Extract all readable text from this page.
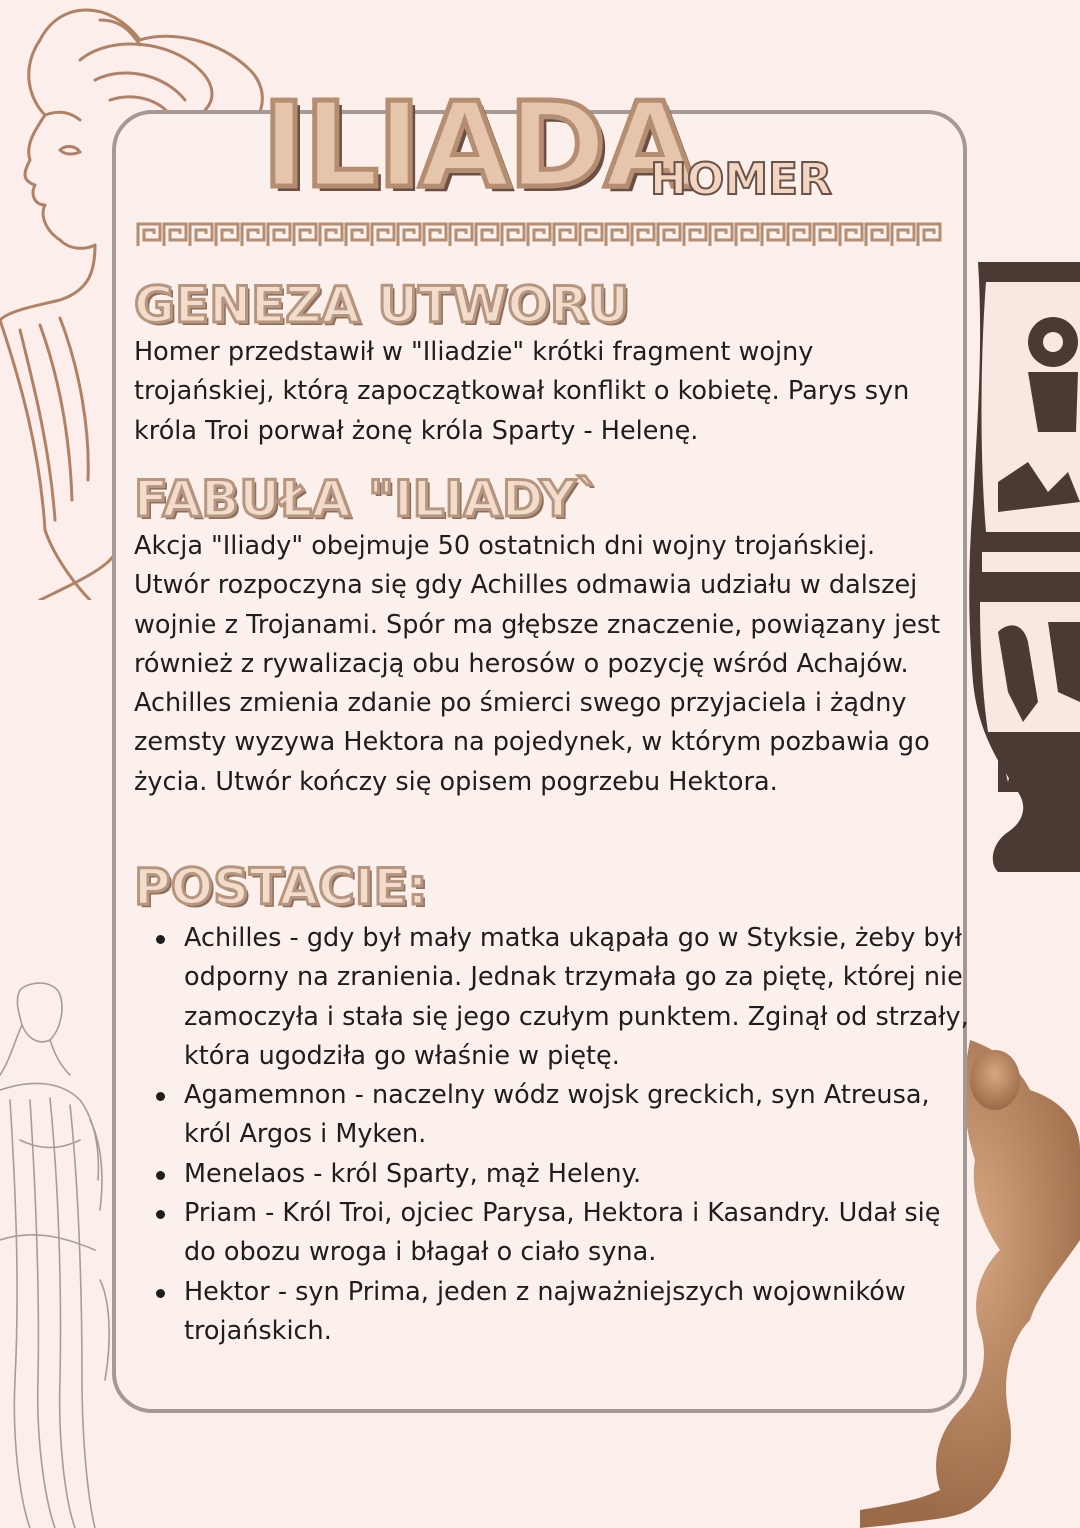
ILIADA
HOMER
GENEZA UTWORU

Homer przedstawił w "Iliadzie" krótki fragment wojny trojańskiej, którą zapoczątkował konflikt o kobietę. Parys syn króla Troi porwał żonę króla Sparty - Helenę.

FABUŁA "ILIADY`

Akcja "Iliady" obejmuje 50 ostatnich dni wojny trojańskiej. Utwór rozpoczyna się gdy Achilles odmawia udziału w dalszej wojnie z Trojanami. Spór ma głębsze znaczenie, powiązany jest również z rywalizacją obu herosów o pozycję wśród Achajów. Achilles zmienia zdanie po śmierci swego przyjaciela i żądny zemsty wyzywa Hektora na pojedynek, w którym pozbawia go życia. Utwór kończy się opisem pogrzebu Hektora.

POSTACIE:
Achilles - gdy był mały matka ukąpała go w Styksie, żeby był odporny na zranienia. Jednak trzymała go za piętę, której nie zamoczyła i stała się jego czułym punktem. Zginął od strzały, która ugodziła go właśnie w piętę.
Agamemnon - naczelny wódz wojsk greckich, syn Atreusa, król Argos i Myken.
Menelaos - król Sparty, mąż Heleny.
Priam - Król Troi, ojciec Parysa, Hektora i Kasandry. Udał się do obozu wroga i błagał o ciało syna.
Hektor - syn Prima, jeden z najważniejszych wojowników trojańskich.
